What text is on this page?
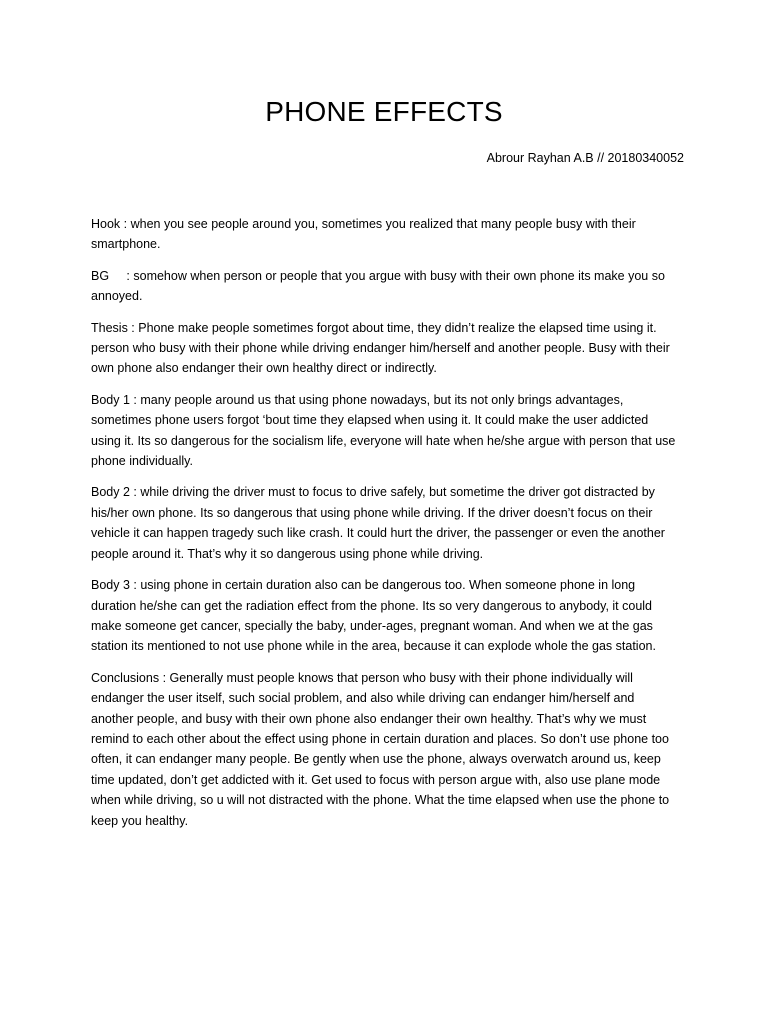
PHONE EFFECTS

Abrour Rayhan A.B // 20180340052

Hook : when you see people around you, sometimes you realized that many people busy with their smartphone.

BG     : somehow when person or people that you argue with busy with their own phone its make you so annoyed.

Thesis : Phone make people sometimes forgot about time, they didn’t realize the elapsed time using it. person who busy with their phone while driving endanger him/herself and another people. Busy with their own phone also endanger their own healthy direct or indirectly.

Body 1 : many people around us that using phone nowadays, but its not only brings advantages, sometimes phone users forgot ‘bout time they elapsed when using it. It could make the user addicted using it. Its so dangerous for the socialism life, everyone will hate when he/she argue with person that use phone individually.

Body 2 : while driving the driver must to focus to drive safely, but sometime the driver got distracted by his/her own phone. Its so dangerous that using phone while driving. If the driver doesn’t focus on their vehicle it can happen tragedy such like crash. It could hurt the driver, the passenger or even the another people around it. That’s why it so dangerous using phone while driving.

Body 3 : using phone in certain duration also can be dangerous too. When someone phone in long duration he/she can get the radiation effect from the phone. Its so very dangerous to anybody, it could make someone get cancer, specially the baby, under-ages, pregnant woman. And when we at the gas station its mentioned to not use phone while in the area, because it can explode whole the gas station.

Conclusions : Generally must people knows that person who busy with their phone individually will endanger the user itself, such social problem, and also while driving can endanger him/herself and another people, and busy with their own phone also endanger their own healthy. That’s why we must remind to each other about the effect using phone in certain duration and places. So don’t use phone too often, it can endanger many people. Be gently when use the phone, always overwatch around us, keep time updated, don’t get addicted with it. Get used to focus with person argue with, also use plane mode when while driving, so u will not distracted with the phone. What the time elapsed when use the phone to keep you healthy.
